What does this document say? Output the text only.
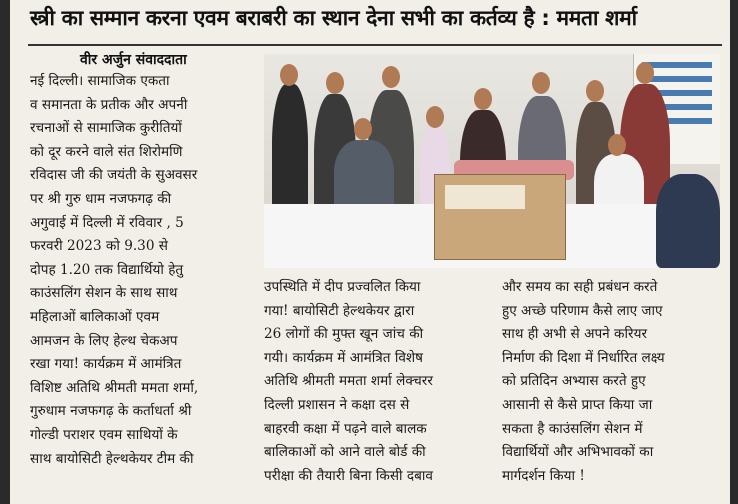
स्त्री का सम्मान करना एवम बराबरी का स्थान देना सभी का कर्तव्य है : ममता शर्मा
वीर अर्जुन संवाददाता
नई दिल्ली। सामाजिक एकता
व समानता के प्रतीक और अपनी
रचनाओं से सामाजिक कुरीतियों
को दूर करने वाले संत शिरोमणि
रविदास जी की जयंती के सुअवसर
पर श्री गुरु धाम नजफगढ़ की
अगुवाई में दिल्ली में रविवार , 5
फरवरी 2023 को 9.30 से
दोपह 1.20 तक विद्यार्थियो हेतु
काउंसलिंग सेशन के साथ साथ
महिलाओं बालिकाओं एवम
आमजन के लिए हेल्थ चेकअप
रखा गया! कार्यक्रम में आमंत्रित
विशिष्ट अतिथि श्रीमती ममता शर्मा,
गुरुधाम नजफगढ़ के कर्ताधर्ता श्री
गोल्डी पराशर एवम साथियों के
साथ बायोसिटी हेल्थकेयर टीम की
उपस्थिति में दीप प्रज्वलित किया
गया! बायोसिटी हेल्थकेयर द्वारा
26 लोगों की मुफ्त खून जांच की
गयी। कार्यक्रम में आमंत्रित विशेष
अतिथि श्रीमती ममता शर्मा लेक्चरर
दिल्ली प्रशासन ने कक्षा दस से
बाहरवी कक्षा में पढ़ने वाले बालक
बालिकाओं को आने वाले बोर्ड की
परीक्षा की तैयारी बिना किसी दबाव
और समय का सही प्रबंधन करते
हुए अच्छे परिणाम कैसे लाए जाए
साथ ही अभी से अपने करियर
निर्माण की दिशा में निर्धारित लक्ष्य
को प्रतिदिन अभ्यास करते हुए
आसानी से कैसे प्राप्त किया जा
सकता है काउंसलिंग सेशन में
विद्यार्थियों और अभिभावकों का
मार्गदर्शन किया !
